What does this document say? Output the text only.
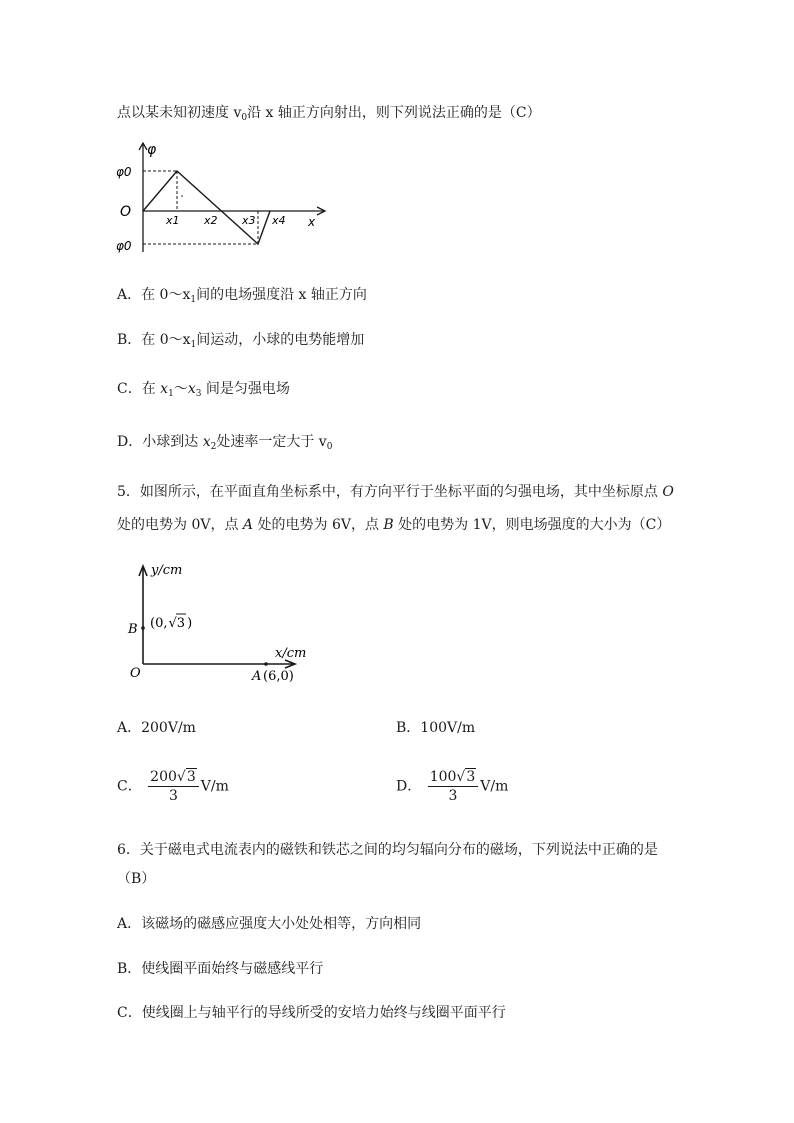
点以某未知初速度 $v_0$沿 x 轴正方向射出，则下列说法正确的是（C）
φ
φ0
O
x1 x2 x3 x4 x
φ0
A．在 $0\sim x_1$间的电场强度沿 x 轴正方向
B．在 $0\sim x_1$间运动，小球的电势能增加
C．在 $x_1\sim x_3$ 间是匀强电场
D．小球到达 $x_2$处速率一定大于 $v_0$
5．如图所示，在平面直角坐标系中，有方向平行于坐标平面的匀强电场，其中坐标原点 O
处的电势为 0V，点 A 处的电势为 6V，点 B 处的电势为 1V，则电场强度的大小为（C）
y/cm
B (0,√3 )
x/cm
O	A (6,0)
A．200V/m	B．100V/m
C． $\frac{200√3}{3} V/m$	D． $\frac{100√3}{3} V/m$
6．关于磁电式电流表内的磁铁和铁芯之间的均匀辐向分布的磁场，下列说法中正确的是
（B）
A．该磁场的磁感应强度大小处处相等，方向相同
B．使线圈平面始终与磁感线平行
C．使线圈上与轴平行的导线所受的安培力始终与线圈平面平行
